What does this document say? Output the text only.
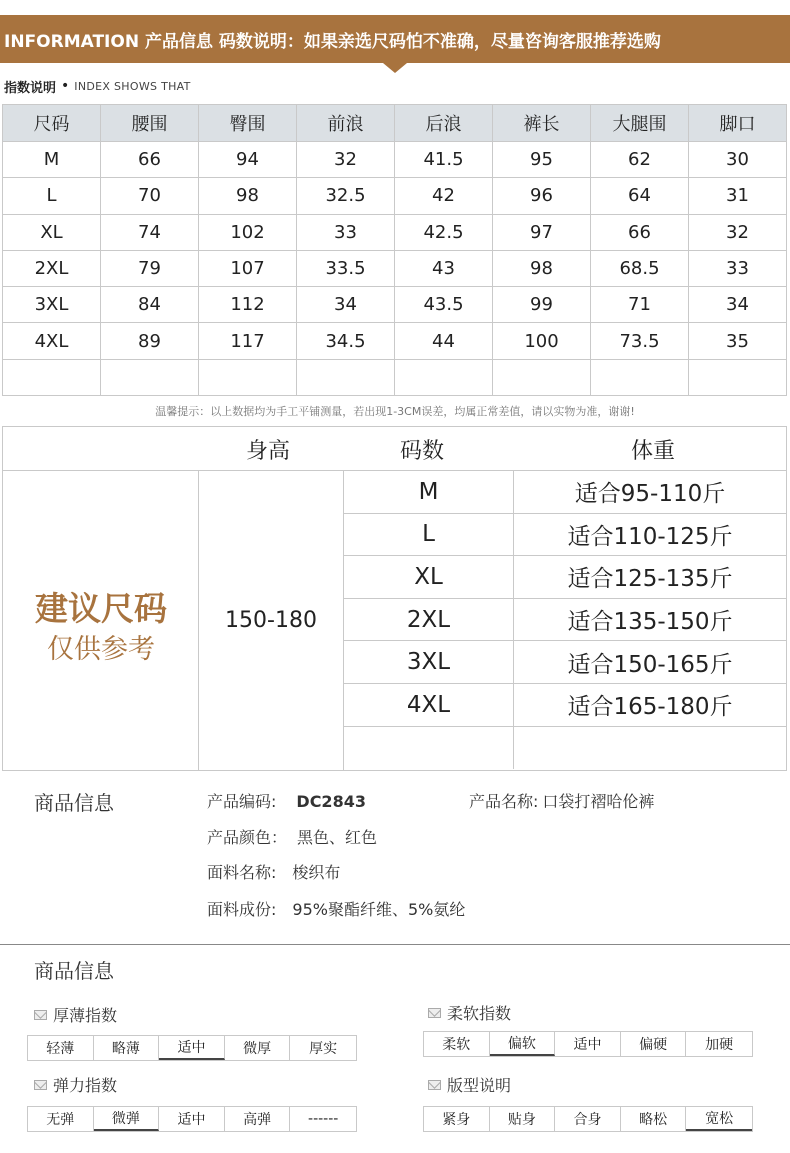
INFORMATION 产品信息 码数说明：如果亲选尺码怕不准确，尽量咨询客服推荐选购
指数说明 • INDEX SHOWS THAT
尺码	腰围	臀围	前浪	后浪	裤长	大腿围	脚口
M	66	94	32	41.5	95	62	30
L	70	98	32.5	42	96	64	31
XL	74	102	33	42.5	97	66	32
2XL	79	107	33.5	43	98	68.5	33
3XL	84	112	34	43.5	99	71	34
4XL	89	117	34.5	44	100	73.5	35

温馨提示：以上数据均为手工平铺测量，若出现1-3CM误差，均属正常差值，请以实物为准，谢谢!
身高	码数	体重
建议尺码
仅供参考
150-180
M	适合95-110斤
L	适合110-125斤
XL	适合125-135斤
2XL	适合135-150斤
3XL	适合150-165斤
4XL	适合165-180斤
商品信息	产品编码: DC2843	产品名称: 口袋打褶哈伦裤
产品颜色： 黑色、红色
面料名称: 梭织布
面料成份: 95%聚酯纤维、5%氨纶
商品信息
厚薄指数
轻薄	略薄	适中	微厚	厚实
柔软指数
柔软	偏软	适中	偏硬	加硬
弹力指数
无弹	微弹	适中	高弹	------
版型说明
紧身	贴身	合身	略松	宽松
